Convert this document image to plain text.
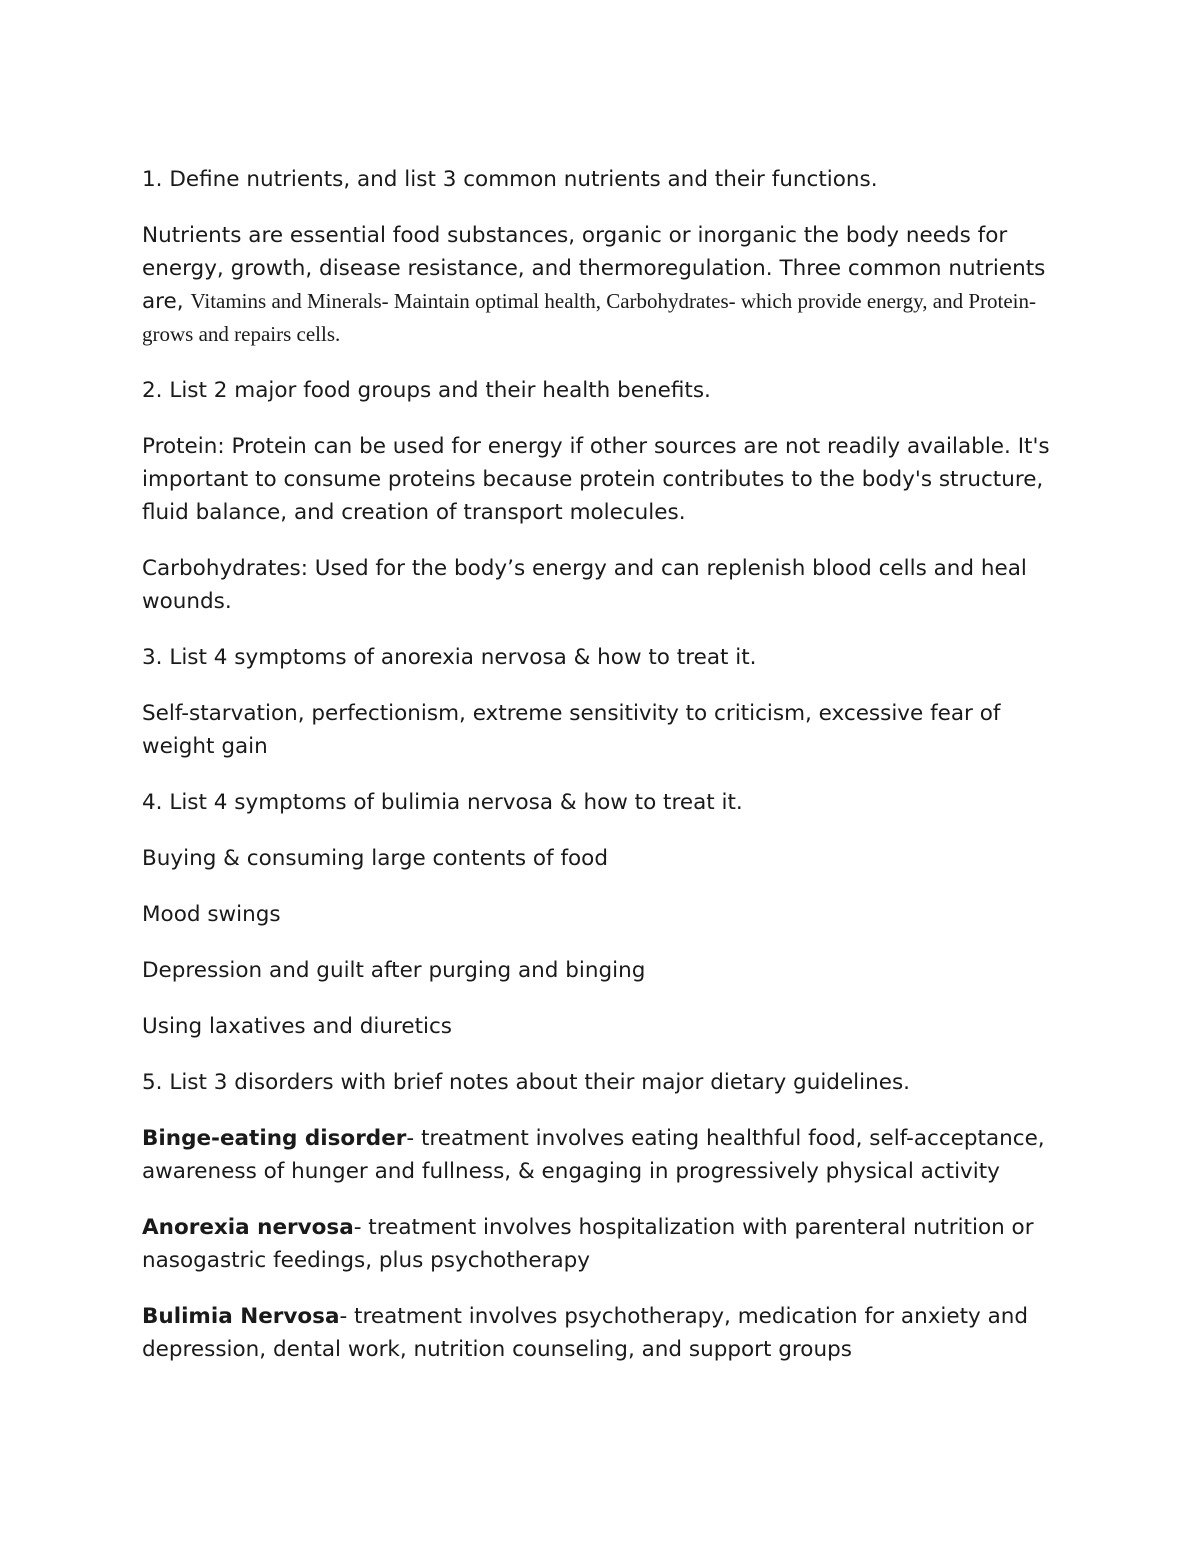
1. Define nutrients, and list 3 common nutrients and their functions.

Nutrients are essential food substances, organic or inorganic the body needs for energy, growth, disease resistance, and thermoregulation. Three common nutrients are, Vitamins and Minerals- Maintain optimal health, Carbohydrates- which provide energy, and Protein- grows and repairs cells.

2. List 2 major food groups and their health benefits.

Protein: Protein can be used for energy if other sources are not readily available. It's important to consume proteins because protein contributes to the body's structure, fluid balance, and creation of transport molecules.

Carbohydrates: Used for the body’s energy and can replenish blood cells and heal wounds.

3. List 4 symptoms of anorexia nervosa & how to treat it.

Self-starvation, perfectionism, extreme sensitivity to criticism, excessive fear of weight gain

4. List 4 symptoms of bulimia nervosa & how to treat it.

Buying & consuming large contents of food

Mood swings

Depression and guilt after purging and binging

Using laxatives and diuretics

5. List 3 disorders with brief notes about their major dietary guidelines.

Binge-eating disorder- treatment involves eating healthful food, self-acceptance, awareness of hunger and fullness, & engaging in progressively physical activity

Anorexia nervosa- treatment involves hospitalization with parenteral nutrition or nasogastric feedings, plus psychotherapy

Bulimia Nervosa- treatment involves psychotherapy, medication for anxiety and depression, dental work, nutrition counseling, and support groups
